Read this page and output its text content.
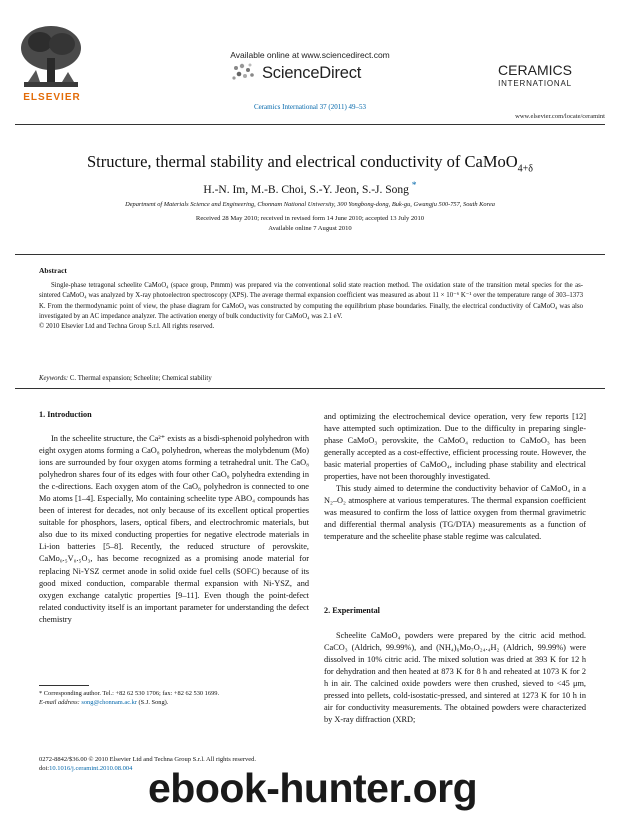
ELSEVIER
Available online at www.sciencedirect.com
ScienceDirect
Ceramics International 37 (2011) 49–53
CERAMICS
INTERNATIONAL
www.elsevier.com/locate/ceramint
Structure, thermal stability and electrical conductivity of CaMoO$_{4+\delta}$
H.-N. Im, M.-B. Choi, S.-Y. Jeon, S.-J. Song *
Department of Materials Science and Engineering, Chonnam National University, 300 Yongbong-dong, Buk-gu, Gwangju 500-757, South Korea
Received 28 May 2010; received in revised form 14 June 2010; accepted 13 July 2010
Available online 7 August 2010
Abstract

Single-phase tetragonal scheelite CaMoO₄ (space group, Pmmm) was prepared via the conventional solid state reaction method. The oxidation state of the transition metal species for the as-sintered CaMoO₄ was analyzed by X-ray photoelectron spectroscopy (XPS). The average thermal expansion coefficient was measured as about 11 × 10⁻⁶ K⁻¹ over the temperature range of 303–1373 K. From the thermodynamic point of view, the phase diagram for CaMoO₄ was constructed by computing the equilibrium phase boundaries. Finally, the electrical conductivity of CaMoO₄ was also investigated by an AC impedance analyzer. The activation energy of bulk conductivity for CaMoO₄ was 2.1 eV.

© 2010 Elsevier Ltd and Techna Group S.r.l. All rights reserved.

Keywords: C. Thermal expansion; Scheelite; Chemical stability
1. Introduction

In the scheelite structure, the Ca²⁺ exists as a bisdi-sphenoid polyhedron with eight oxygen atoms forming a CaO₈ polyhedron, whereas the molybdenum (Mo) ions are surrounded by four oxygen atoms forming a tetrahedral unit. The CaO₈ polyhedron shares four of its edges with four other CaO₈ polyhedra extending in the c-directions. Each oxygen atom of the CaO₈ polyhedron is connected to one Mo atoms [1–4]. Especially, Mo containing scheelite type ABO₄ compounds has been of interest for decades, not only because of its excellent optical properties suitable for phosphors, lasers, optical fibers, and electrochromic materials, but also due to its mixed conducting properties for negative electrode materials in Li-ion batteries [5–8]. Recently, the reduced structure of perovskite, CaMo₀.₅V₀.₅O₃, has become recognized as a promising anode material for replacing Ni-YSZ cermet anode in solid oxide fuel cells (SOFC) because of its good mixed conduction, comparable thermal expansion with Ni-YSZ, and oxygen exchange catalytic properties [9–11]. Even though the point-defect related conductivity itself is an important parameter for understanding the defect chemistry

* Corresponding author. Tel.: +82 62 530 1706; fax: +82 62 530 1699.
E-mail address: song@chonnam.ac.kr (S.J. Song).

and optimizing the electrochemical device operation, very few reports [12] have attempted such optimization. Due to the difficulty in preparing single-phase CaMoO₃ perovskite, the CaMoO₄ reduction to CaMoO₃ has been generally accepted as a cost-effective, efficient processing route. However, the basic material properties of CaMoO₄, including phase stability and electrical properties, have not been thoroughly investigated.

This study aimed to determine the conductivity behavior of CaMoO₄ in a N₂–O₂ atmosphere at various temperatures. The thermal expansion coefficient was measured to confirm the loss of lattice oxygen from thermal gravimetric and differential thermal analysis (TG/DTA) measurements as a function of temperature and the scheelite phase stable regime was calculated.

2. Experimental

Scheelite CaMoO₄ powders were prepared by the citric acid method. CaCO₃ (Aldrich, 99.99%), and (NH₄)₆Mo₇O₂₄.₄H₂ (Aldrich, 99.99%) were dissolved in 10% citric acid. The mixed solution was dried at 393 K for 12 h for dehydration and then heated at 873 K for 8 h and reheated at 1073 K for 2 h in air. The calcined oxide powders were then crushed, sieved to <45 μm, pressed into pellets, cold-isostatic-pressed, and sintered at 1273 K for 10 h in air for conductivity measurements. The obtained powders were characterized by X-ray diffraction (XRD;

0272-8842/$36.00 © 2010 Elsevier Ltd and Techna Group S.r.l. All rights reserved.
doi:10.1016/j.ceramint.2010.08.004 ebook-hunter.org
